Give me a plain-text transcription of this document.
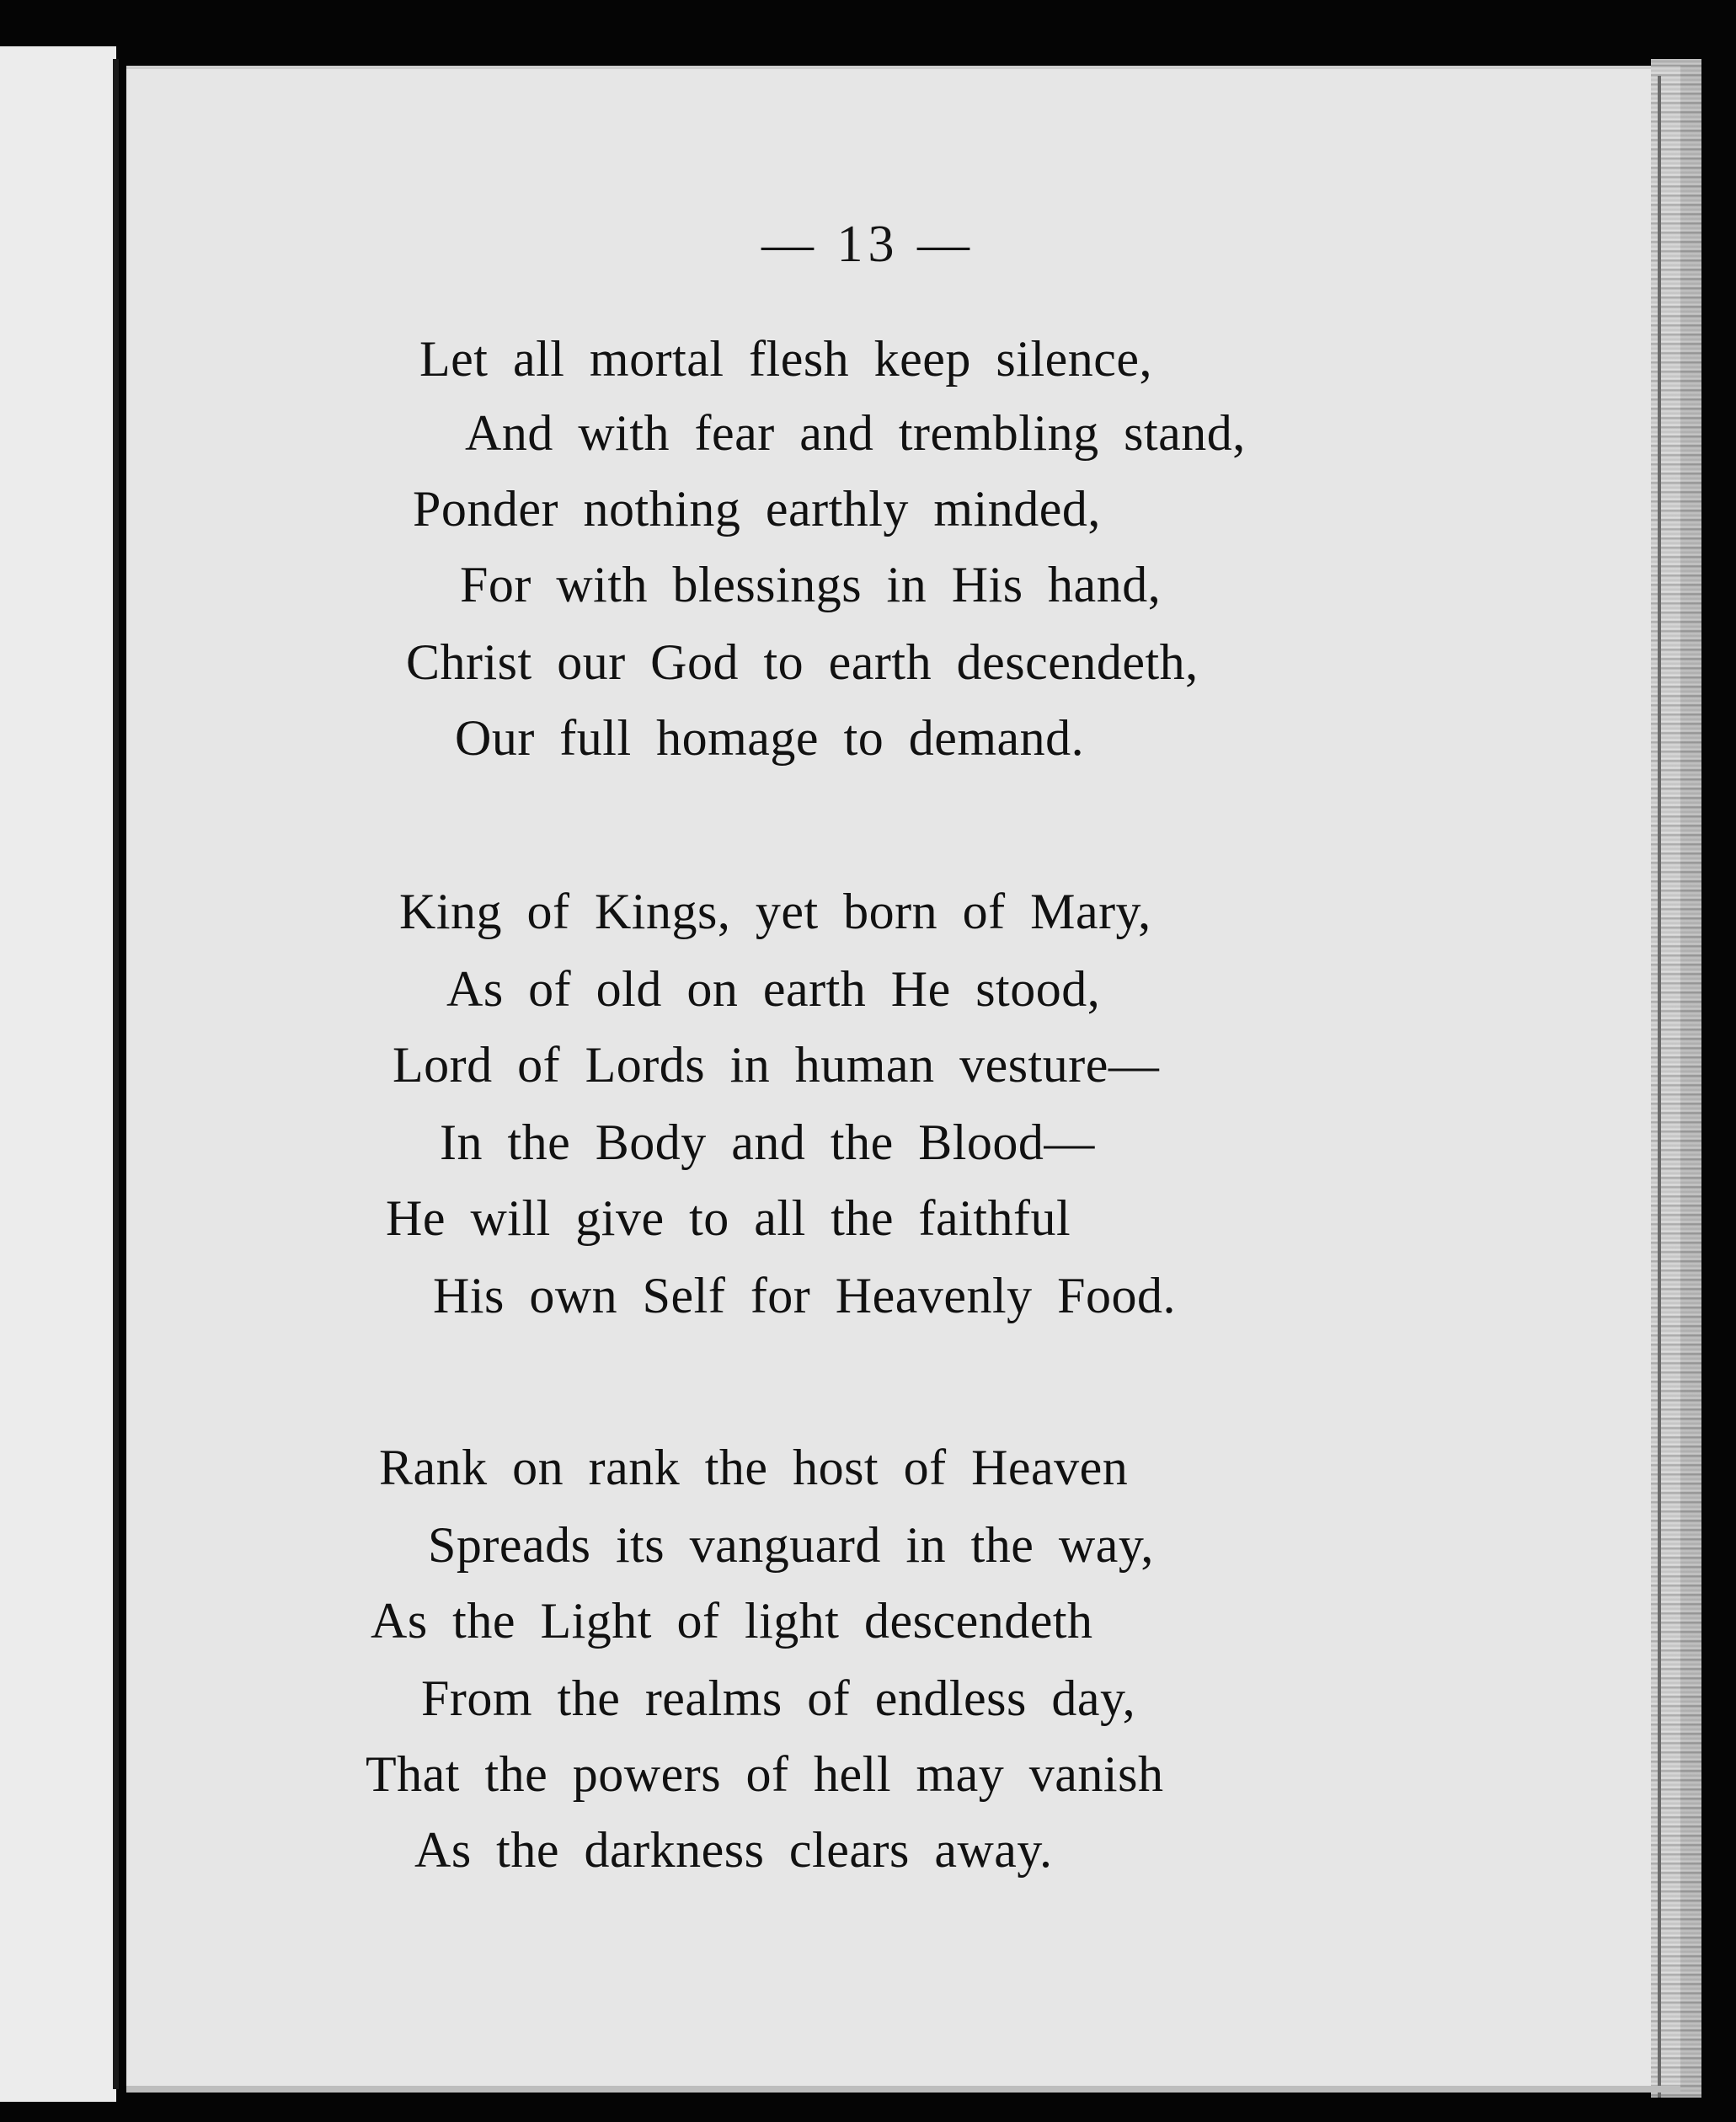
— 13 —
Let all mortal flesh keep silence,
And with fear and trembling stand,
Ponder nothing earthly minded,
For with blessings in His hand,
Christ our God to earth descendeth,
Our full homage to demand.
King of Kings, yet born of Mary,
As of old on earth He stood,
Lord of Lords in human vesture—
In the Body and the Blood—
He will give to all the faithful
His own Self for Heavenly Food.
Rank on rank the host of Heaven
Spreads its vanguard in the way,
As the Light of light descendeth
From the realms of endless day,
That the powers of hell may vanish
As the darkness clears away.
